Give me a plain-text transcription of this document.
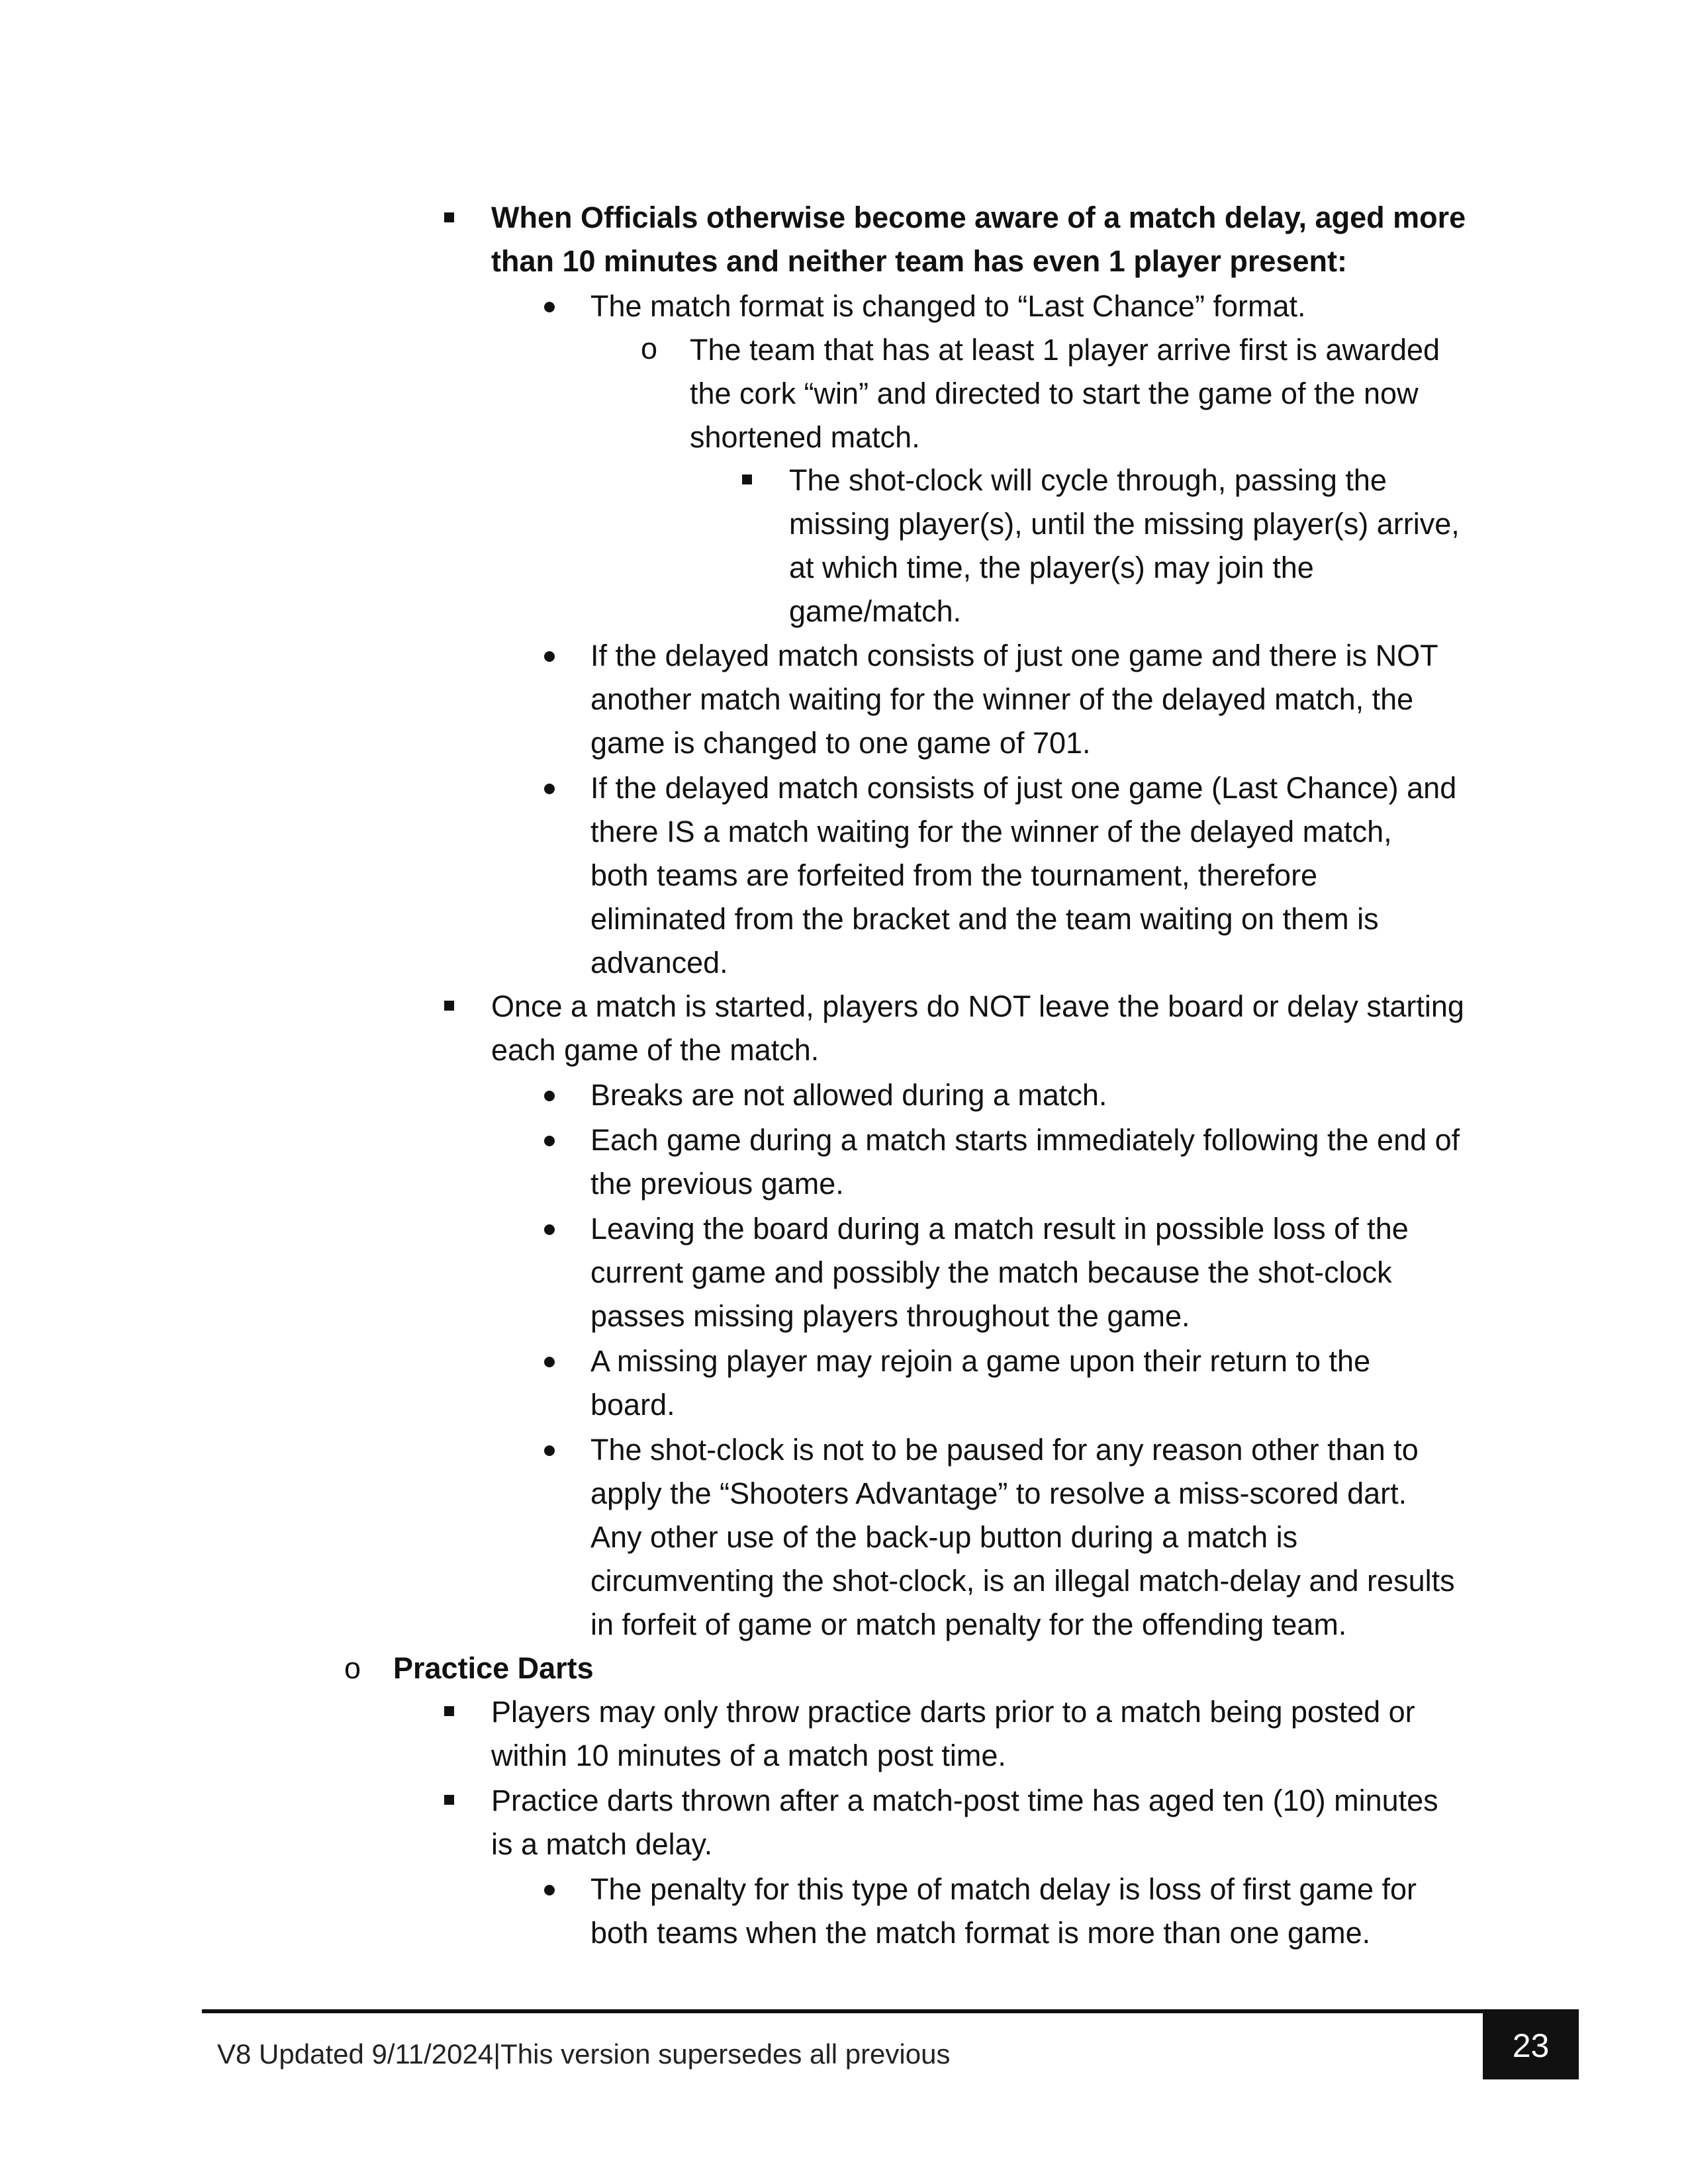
When Officials otherwise become aware of a match delay, aged more
than 10 minutes and neither team has even 1 player present:
The match format is changed to “Last Chance” format.
o The team that has at least 1 player arrive first is awarded
the cork “win” and directed to start the game of the now
shortened match.
The shot-clock will cycle through, passing the
missing player(s), until the missing player(s) arrive,
at which time, the player(s) may join the
game/match.
If the delayed match consists of just one game and there is NOT
another match waiting for the winner of the delayed match, the
game is changed to one game of 701.
If the delayed match consists of just one game (Last Chance) and
there IS a match waiting for the winner of the delayed match,
both teams are forfeited from the tournament, therefore
eliminated from the bracket and the team waiting on them is
advanced.
Once a match is started, players do NOT leave the board or delay starting
each game of the match.
Breaks are not allowed during a match.
Each game during a match starts immediately following the end of
the previous game.
Leaving the board during a match result in possible loss of the
current game and possibly the match because the shot-clock
passes missing players throughout the game.
A missing player may rejoin a game upon their return to the
board.
The shot-clock is not to be paused for any reason other than to
apply the “Shooters Advantage” to resolve a miss-scored dart.
Any other use of the back-up button during a match is
circumventing the shot-clock, is an illegal match-delay and results
in forfeit of game or match penalty for the offending team.
o Practice Darts
Players may only throw practice darts prior to a match being posted or
within 10 minutes of a match post time.
Practice darts thrown after a match-post time has aged ten (10) minutes
is a match delay.
The penalty for this type of match delay is loss of first game for
both teams when the match format is more than one game.
V8 Updated 9/11/2024|This version supersedes all previous	23
